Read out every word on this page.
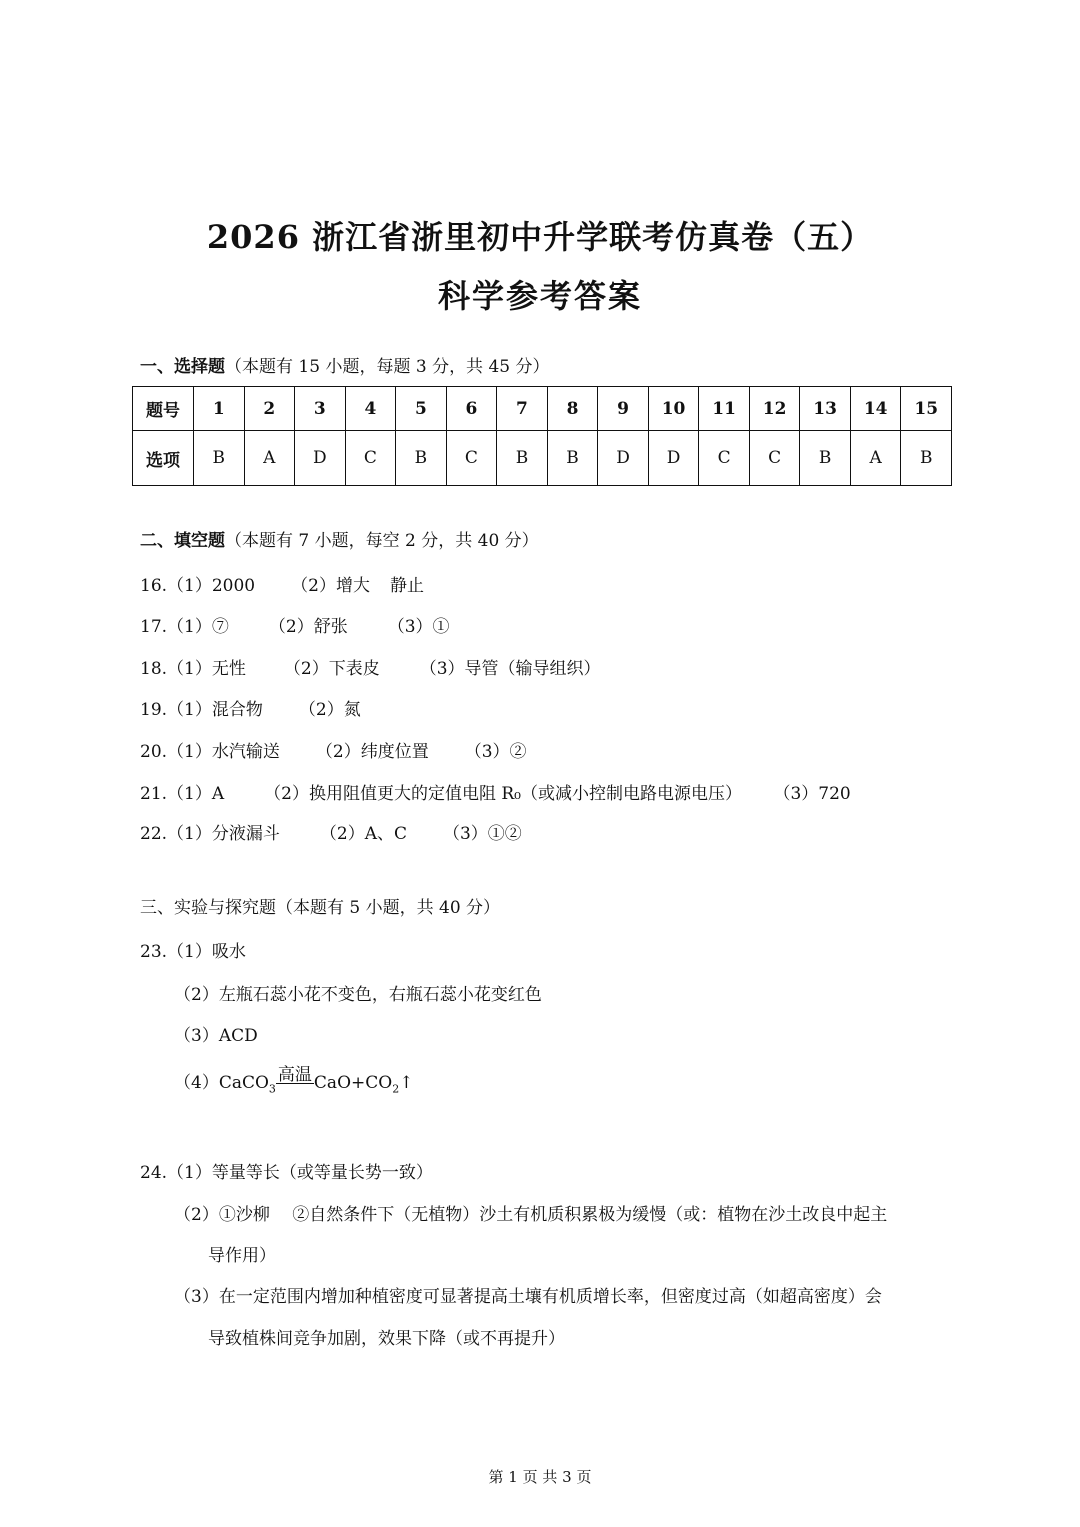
2026 浙江省浙里初中升学联考仿真卷（五）
科学参考答案
一、选择题（本题有 15 小题，每题 3 分，共 45 分）
题号	1	2	3	4	5	6	7	8	9	10	11	12	13	14	15
选项	B	A	D	C	B	C	B	B	D	D	C	C	B	A	B
二、填空题（本题有 7 小题，每空 2 分，共 40 分）
16.（1）2000 （2）增大 静止
17.（1）⑦ （2）舒张 （3）①
18.（1）无性 （2）下表皮 （3）导管（输导组织）
19.（1）混合物 （2）氮
20.（1）水汽输送 （2）纬度位置 （3）②
21.（1）A （2）换用阻值更大的定值电阻 R₀（或减小控制电路电源电压） （3）720
22.（1）分液漏斗 （2）A、C （3）①②
三、实验与探究题（本题有 5 小题，共 40 分）
23.（1）吸水
（2）左瓶石蕊小花不变色，右瓶石蕊小花变红色
（3）ACD
（4）CaCO$_3$高温 $CaO+CO_2↑$
24.（1）等量等长（或等量长势一致）
（2）①沙柳　 ②自然条件下（无植物）沙土有机质积累极为缓慢（或：植物在沙土改良中起主
导作用）
（3）在一定范围内增加种植密度可显著提高土壤有机质增长率，但密度过高（如超高密度）会
导致植株间竞争加剧，效果下降（或不再提升）
第 1 页 共 3 页
